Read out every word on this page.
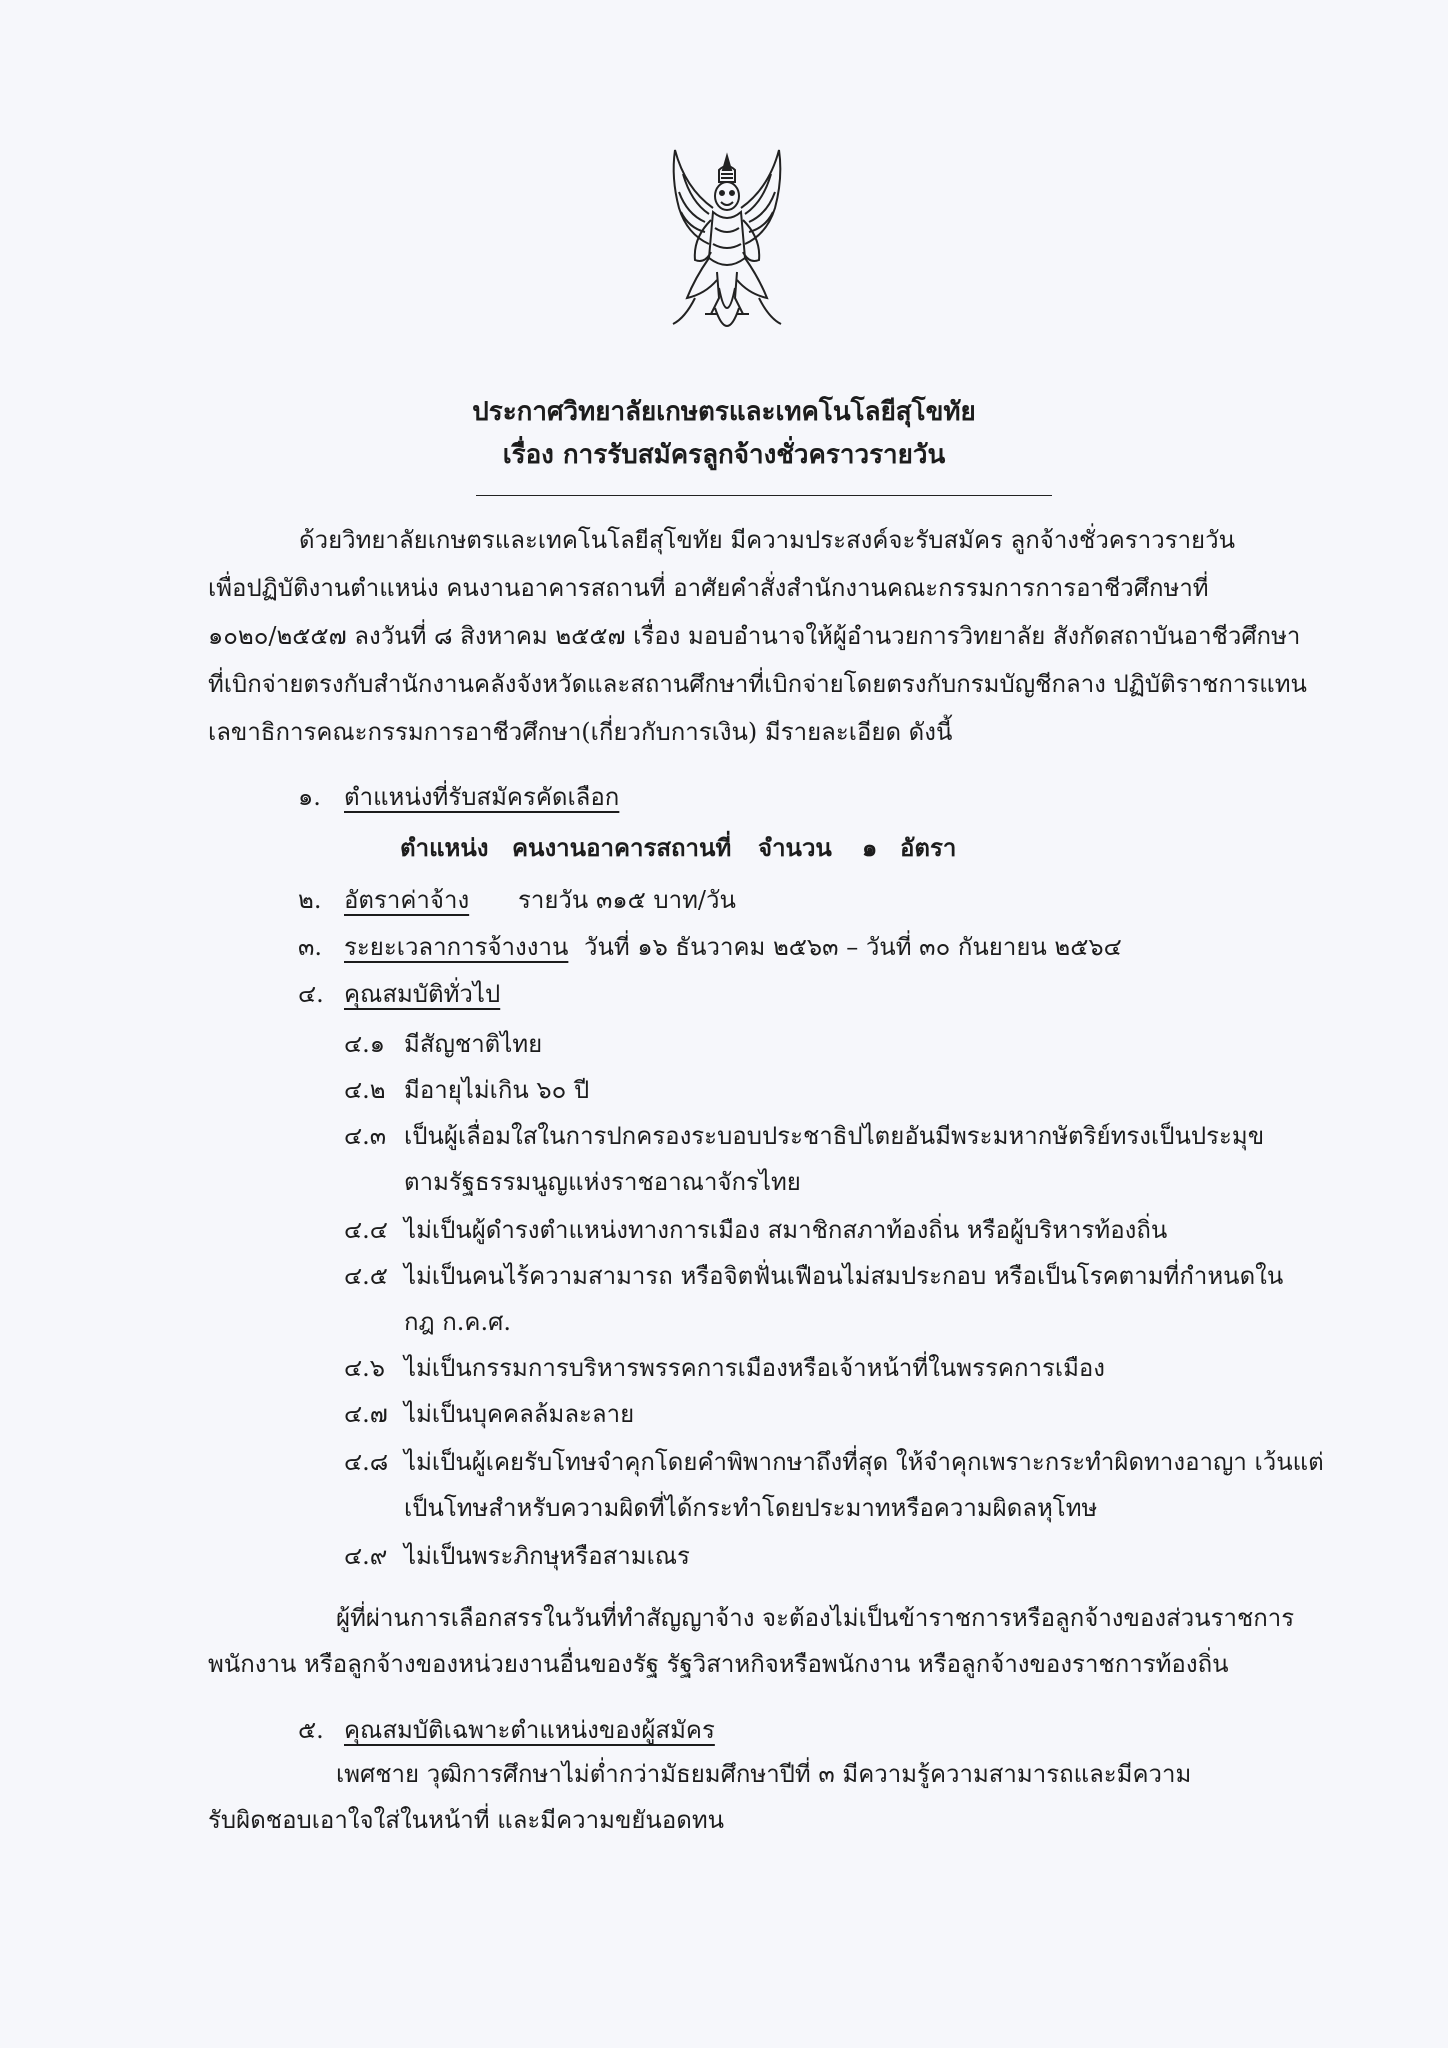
ประกาศวิทยาลัยเกษตรและเทคโนโลยีสุโขทัย
เรื่อง การรับสมัครลูกจ้างชั่วคราวรายวัน
ด้วยวิทยาลัยเกษตรและเทคโนโลยีสุโขทัย มีความประสงค์จะรับสมัคร ลูกจ้างชั่วคราวรายวัน
เพื่อปฏิบัติงานตำแหน่ง คนงานอาคารสถานที่ อาศัยคำสั่งสำนักงานคณะกรรมการการอาชีวศึกษาที่
๑๐๒๐/๒๕๕๗ ลงวันที่ ๘ สิงหาคม ๒๕๕๗ เรื่อง มอบอำนาจให้ผู้อำนวยการวิทยาลัย สังกัดสถาบันอาชีวศึกษา
ที่เบิกจ่ายตรงกับสำนักงานคลังจังหวัดและสถานศึกษาที่เบิกจ่ายโดยตรงกับกรมบัญชีกลาง ปฏิบัติราชการแทน
เลขาธิการคณะกรรมการอาชีวศึกษา(เกี่ยวกับการเงิน) มีรายละเอียด ดังนี้
๑. ตำแหน่งที่รับสมัครคัดเลือก
ตำแหน่ง คนงานอาคารสถานที่ จำนวน ๑ อัตรา
๒. อัตราค่าจ้าง รายวัน ๓๑๕ บาท/วัน
๓. ระยะเวลาการจ้างงาน วันที่ ๑๖ ธันวาคม ๒๕๖๓ – วันที่ ๓๐ กันยายน ๒๕๖๔
๔. คุณสมบัติทั่วไป
๔.๑ มีสัญชาติไทย
๔.๒ มีอายุไม่เกิน ๖๐ ปี
๔.๓ เป็นผู้เลื่อมใสในการปกครองระบอบประชาธิปไตยอันมีพระมหากษัตริย์ทรงเป็นประมุข
ตามรัฐธรรมนูญแห่งราชอาณาจักรไทย
๔.๔ ไม่เป็นผู้ดำรงตำแหน่งทางการเมือง สมาชิกสภาท้องถิ่น หรือผู้บริหารท้องถิ่น
๔.๕ ไม่เป็นคนไร้ความสามารถ หรือจิตฟั่นเฟือนไม่สมประกอบ หรือเป็นโรคตามที่กำหนดใน
กฎ ก.ค.ศ.
๔.๖ ไม่เป็นกรรมการบริหารพรรคการเมืองหรือเจ้าหน้าที่ในพรรคการเมือง
๔.๗ ไม่เป็นบุคคลล้มละลาย
๔.๘ ไม่เป็นผู้เคยรับโทษจำคุกโดยคำพิพากษาถึงที่สุด ให้จำคุกเพราะกระทำผิดทางอาญา เว้นแต่
เป็นโทษสำหรับความผิดที่ได้กระทำโดยประมาทหรือความผิดลหุโทษ
๔.๙ ไม่เป็นพระภิกษุหรือสามเณร
ผู้ที่ผ่านการเลือกสรรในวันที่ทำสัญญาจ้าง จะต้องไม่เป็นข้าราชการหรือลูกจ้างของส่วนราชการ
พนักงาน หรือลูกจ้างของหน่วยงานอื่นของรัฐ รัฐวิสาหกิจหรือพนักงาน หรือลูกจ้างของราชการท้องถิ่น
๕. คุณสมบัติเฉพาะตำแหน่งของผู้สมัคร
เพศชาย วุฒิการศึกษาไม่ต่ำกว่ามัธยมศึกษาปีที่ ๓ มีความรู้ความสามารถและมีความ
รับผิดชอบเอาใจใส่ในหน้าที่ และมีความขยันอดทน
